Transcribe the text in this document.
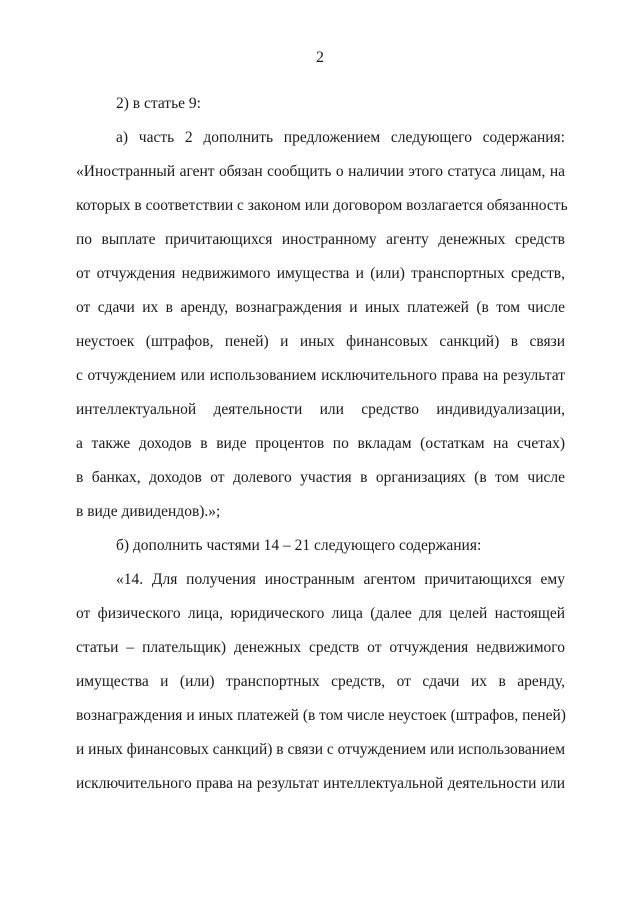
2
2) в статье 9:
а) часть 2 дополнить предложением следующего содержания:
«Иностранный агент обязан сообщить о наличии этого статуса лицам, на
которых в соответствии с законом или договором возлагается обязанность
по выплате причитающихся иностранному агенту денежных средств
от отчуждения недвижимого имущества и (или) транспортных средств,
от сдачи их в аренду, вознаграждения и иных платежей (в том числе
неустоек (штрафов, пеней) и иных финансовых санкций) в связи
с отчуждением или использованием исключительного права на результат
интеллектуальной деятельности или средство индивидуализации,
а также доходов в виде процентов по вкладам (остаткам на счетах)
в банках, доходов от долевого участия в организациях (в том числе
в виде дивидендов).»;
б) дополнить частями 14 – 21 следующего содержания:
«14. Для получения иностранным агентом причитающихся ему
от физического лица, юридического лица (далее для целей настоящей
статьи – плательщик) денежных средств от отчуждения недвижимого
имущества и (или) транспортных средств, от сдачи их в аренду,
вознаграждения и иных платежей (в том числе неустоек (штрафов, пеней)
и иных финансовых санкций) в связи с отчуждением или использованием
исключительного права на результат интеллектуальной деятельности или
